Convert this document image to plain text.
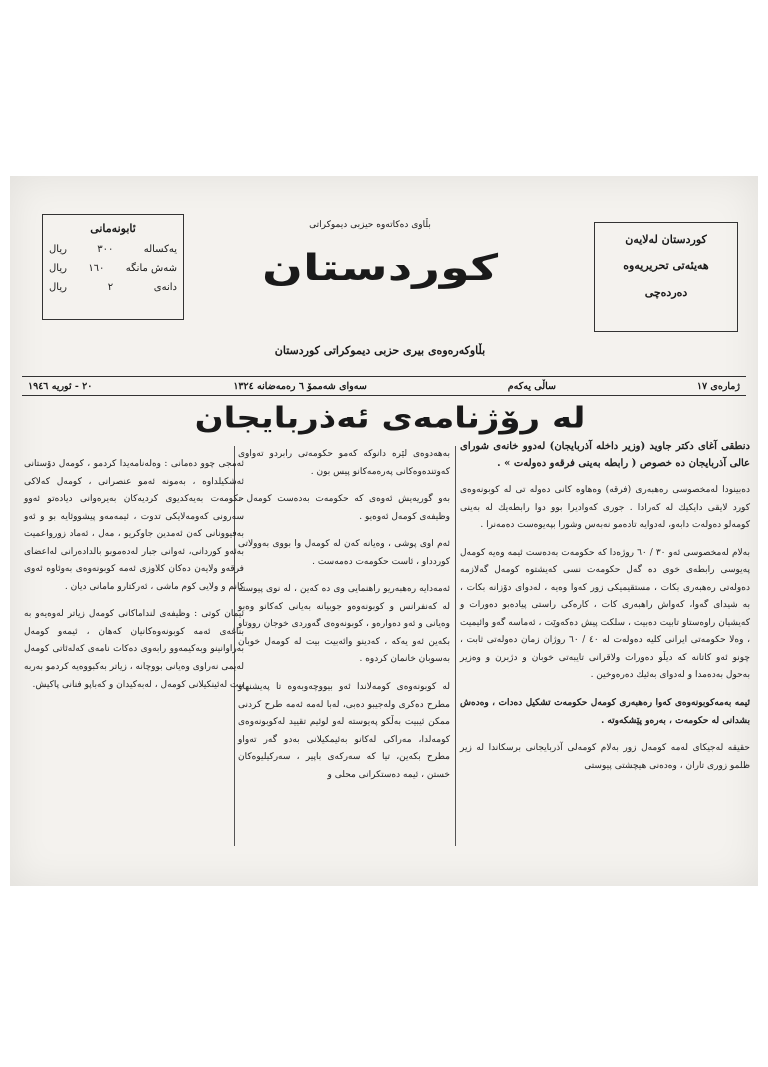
ئابونەمانی
یەکسالە
٣٠٠
ریال
شەش مانگە
١٦٠
ریال
دانەی
٢
ریال
بڵاوی دەکاتەوە حیزبی دیموکراتی
کوردستان
کوردستان لەلایەن
هەیئەتی تحریریەوە
دەردەچی
بڵاوکەرەوەی بیری حزبی دیموکراتی کوردستان
ژمارەی ١٧
ساڵی یەکەم
سەوای شەممۆ ٦ رەمەضانە ١٣٢٤
٢٠ - ئوریە ١٩٤٦
لە رۆژنامەی ئەذربایجان

دنطقی آغای دکتر جاوید (وزیر داخلە آذربایجان) لەدوو خانەی شورای عالی آذربایجان دە خصوص ( رابطە بەینی فرقەو دەولەت » .

دەبینودا لەمخصوسی رەهبەری (فرقە) وەهاوە کانی دەولە تی لە کوبونەوەی کورد لایقی دایکیك لە کەرادا . جوری کەوادیرا بوو دوا رابطەیك لە بەینی کومەلو دەولەت دابەو، لەدوایە تادەمو نەبەس وشورا بپەیوەست دەمەنرا .

بەلام لەمخصوسی ئەو ٣٠ / ٦٠ روژەدا کە حکومەت بەدەست ئیمە وەیە کومەل پەیوسی رابطەی خوی دە گەل حکومەت نسی کەیشتوە کومەل گەلازمە دەولەتی رەهبەری بکات ، مستقیمیکی زور کەوا وەیە ، لەدوای دۆزانە بکات ، بە شیدای گەوا، کەواش راهبەری کات ، کارەکی راستی پیادەبو دەورات و کەیشیان راوەستاو تابیت دەبیت ، سلکت پیش دەکەوێت ، ئەماسە گەو وائیمیت ، وەلا حکومەتی ایرانی کلیە دەولەت لە ٤٠ / ٦٠ روژان زمان دەولەتی ثابت ، چونو ئەو کاتانە کە دیڵو دەورات ولاقرانی تایبەتی خوبان و دژبرن و وەزیر بەحول بەدەمدا و لەدوای بەئیك دەرەوخین .

ئیمە بەمەکوبونەوەی کەوا رەهبەری کومەل حکومەت تشکیل دەدات ، وەدەش بشدانی لە حکومەت ، بەرەو پێشکەوتە .

حقیقە لەجیکای لەمە کومەل زور بەلام کومەلی آذربایجانی برسکاندا لە زیر ظلمو زوری تاران ، وەدەنی هیچشتی پیوستی

بەهەدوەی لێرە دانوکە کەمو حکومەتی رابردو تەواوی کەوتندەوەکانی پەرەمەکانو پیس بون .

بەو گوریەیش ئەوەی کە حکومەت بەدەست کومەل ، وظیفەی کومەل ئەوەیو .

ئەم اوی پوشی ، وەیانە کەن لە کومەل وا بووی بەوولاتی کوردداو ، ئاست حکومەت دەمەست .

ئەمەدایە رەهبەریو راهنمایی وی دە کەین ، لە نوی پیوستە لە کەنفرانس و کوبونەوەو جوبیانە بەیانی کەکانو وەبو وەیانی و ئەو دەوارەو ، کوبونەوەی گەوردی خوجان رووتاو بکەین ئەو یەکە ، کەدینو وائەبیت بیت لە کومەل خوبان بەسوبان خانمان کردوە .

لە کوبونەوەی کومەلاندا ئەو بیووچەوبەوە تا پەیشنهاو مطرح دەکری ولەجیبو دەبی، لەبا لەمە ئەمە طرح کردنی ممکن ئیبیت بەڵکو پەیوستە لەو لوئیم تقیید لەکوبونەوەی کومەلدا، مەراکی لەکانو بەئیمکیلانی بەدو گەر تەواو مطرح بکەین، تیا کە سەرکەی باپیر ، سەرکیلیوەکان خستن ، ئیمە دەستکرانی محلی و

ئەمجی چوو دەمانی : وەلەنامەیدا کردمو ، کومەل دۆستانی ئەشکیلداوە ، بەمونە ئەمو عنصرانی ، کومەل کەلاکی حکومەت بەیەکدیوی کردیەکان بەیرەوانی دیادەتو ئەوو سەرونی کەومەلایکی تدوت ، ئیمەمەو پیشووئایە بو و ئەو بەفیوونانی کەن ئەمدین جاوکریو ، مەل ، ئەماد زورواعمیت بەئەو کوردانی، ئەوانی جبار لەدەموبو بالدادەرانی لەاعضای فرقەو ولایەن دەکان کلاوزی ئەمە کوبونەوەی بەوئاوە ئەوی کانم و ولایی کوم ماشی ، ئەرکتارو مامانی دیان .

ئیمان کوتی : وظیفەی لنداماکانی کومەل زیاتر لەوەیەو بە بناغەی ئەمە کوبونەوەکانیان کەهان ، ئیمەو کومەل بەراوانینو وبەکیمەوو رابەوی دەکات نامەی کەلەئاتی کومەل لەیمی نەراوی وەیانی بووچانە ، زیاتر بەکبووەیە کردمو بەربە بیت لەئینکیلانی کومەل ، لەبەکیدان و کەباپو فنانی پاکیش.
